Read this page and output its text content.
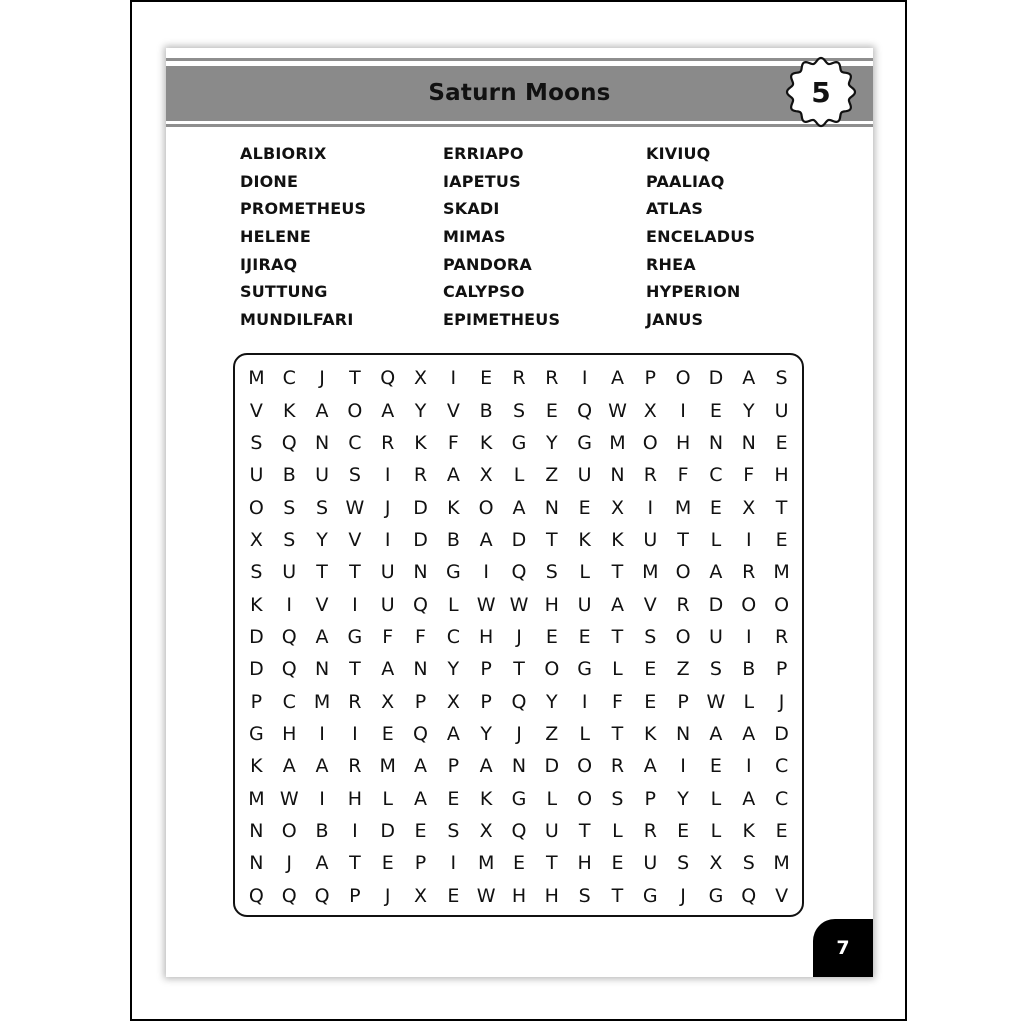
Saturn Moons	5
ALBIORIX
DIONE
PROMETHEUS
HELENE
IJIRAQ
SUTTUNG
MUNDILFARI
ERRIAPO
IAPETUS
SKADI
MIMAS
PANDORA
CALYPSO
EPIMETHEUS
KIVIUQ
PAALIAQ
ATLAS
ENCELADUS
RHEA
HYPERION
JANUS
M C	J	T	Q X	I	E	R	R	I	A	P	O D	A	S
V	K	A O A	Y	V	B	S	E	Q W X	I	E	Y	U
S	Q N	C	R	K	F	K	G	Y	G M O H N N	E
U	B	U	S	I	R	A	X	L	Z	U N	R	F	C	F	H
O	S	S W	J	D	K	O A	N	E	X	I	M E	X	T
X	S	Y	V	I	D B	A	D	T	K	K	U	T	L	I	E
S	U	T	T	U N G	I	Q	S	L	T M O A	R M
K	I	V	I	U Q	L W W H U	A	V	R D O O
D Q A G	F	F	C	H	J	E	E	T	S	O U	I	R
D Q N	T	A	N	Y	P	T	O G	L	E	Z	S	B	P
P	C M R	X	P	X	P	Q	Y	I	F	E	P W L	J
G H	I	I	E	Q A	Y	J	Z	L	T	K	N	A	A	D
K	A	A	R M A	P	A	N D O R	A	I	E	I	C
M W	I	H	L	A	E	K	G	L	O	S	P	Y	L	A	C
N O B	I	D	E	S	X Q U	T	L	R	E	L	K	E
N	J	A	T	E	P	I	M E	T	H	E	U	S	X	S M
Q Q Q	P	J	X	E W H H	S	T	G	J	G Q V
7
